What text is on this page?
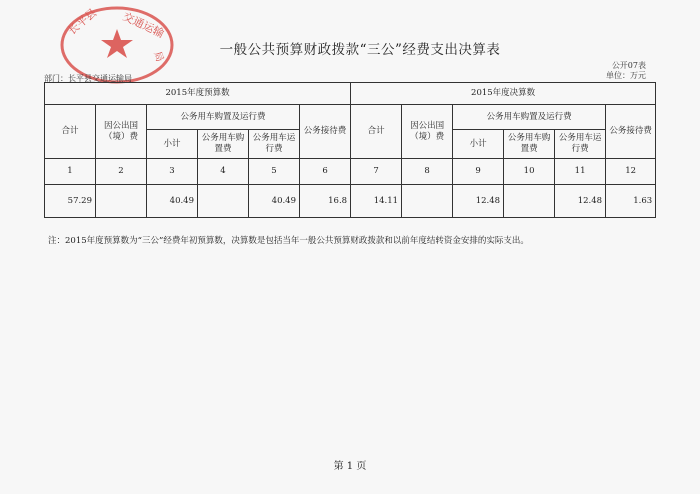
长平县 交通运输
局	一般公共预算财政拨款“三公”经费支出决算表
公开07表
单位：万元
部门：长平县交通运输局
2015年度预算数						2015年度决算数					
合计	因公出国（境）费	公务用车购置及运行费			公务接待费	合计	因公出国（境）费	公务用车购置及运行费			公务接待费
		小计	公务用车购置费	公务用车运行费				小计	公务用车购置费	公务用车运行费	
1	2	3	4	5	6	7	8	9	10	11	12
57.29		40.49		40.49	16.8	14.11		12.48		12.48	1.63
注：2015年度预算数为“三公”经费年初预算数，决算数是包括当年一般公共预算财政拨款和以前年度结转资金安排的实际支出。
第 1 页
